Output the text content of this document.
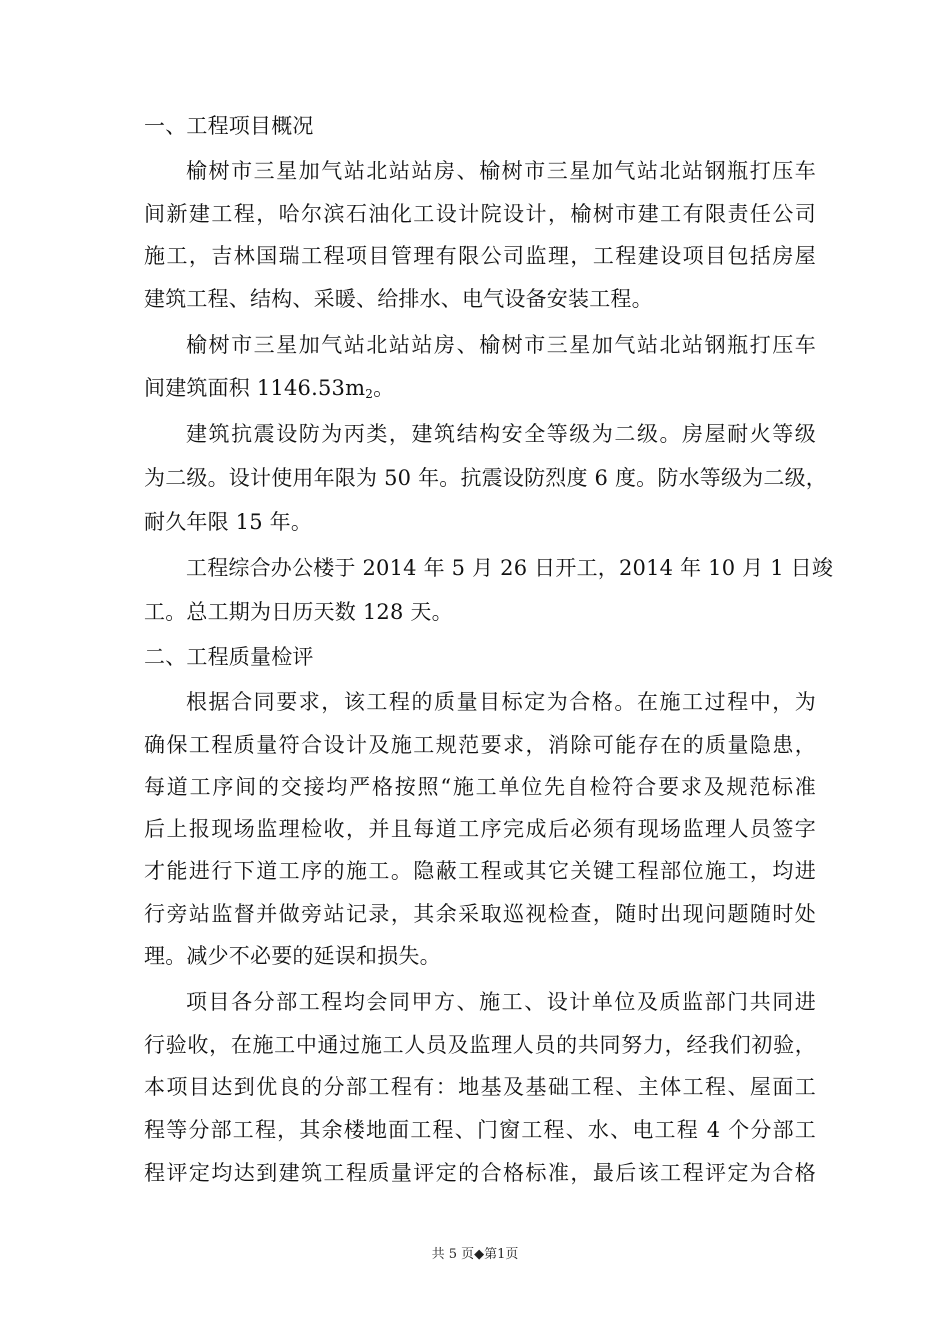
一、工程项目概况
榆树市三星加气站北站站房、榆树市三星加气站北站钢瓶打压车
间新建工程，哈尔滨石油化工设计院设计，榆树市建工有限责任公司
施工，吉林国瑞工程项目管理有限公司监理，工程建设项目包括房屋
建筑工程、结构、采暖、给排水、电气设备安装工程。
榆树市三星加气站北站站房、榆树市三星加气站北站钢瓶打压车
间建筑面积 $1146.53m_2$。
建筑抗震设防为丙类，建筑结构安全等级为二级。房屋耐火等级
为二级。设计使用年限为 50 年。抗震设防烈度 6 度。防水等级为二级，
耐久年限 15 年。
工程综合办公楼于 2014 年 5 月 26 日开工，2014 年 10 月 1 日竣
工。总工期为日历天数 128 天。
二、工程质量检评
根据合同要求，该工程的质量目标定为合格。在施工过程中，为
确保工程质量符合设计及施工规范要求，消除可能存在的质量隐患，
每道工序间的交接均严格按照“施工单位先自检符合要求及规范标准
后上报现场监理检收，并且每道工序完成后必须有现场监理人员签字
才能进行下道工序的施工。隐蔽工程或其它关键工程部位施工，均进
行旁站监督并做旁站记录，其余采取巡视检查，随时出现问题随时处
理。减少不必要的延误和损失。
项目各分部工程均会同甲方、施工、设计单位及质监部门共同进
行验收，在施工中通过施工人员及监理人员的共同努力，经我们初验，
本项目达到优良的分部工程有：地基及基础工程、主体工程、屋面工
程等分部工程，其余楼地面工程、门窗工程、水、电工程 4 个分部工
程评定均达到建筑工程质量评定的合格标准，最后该工程评定为合格
共 5 页◆第1页
